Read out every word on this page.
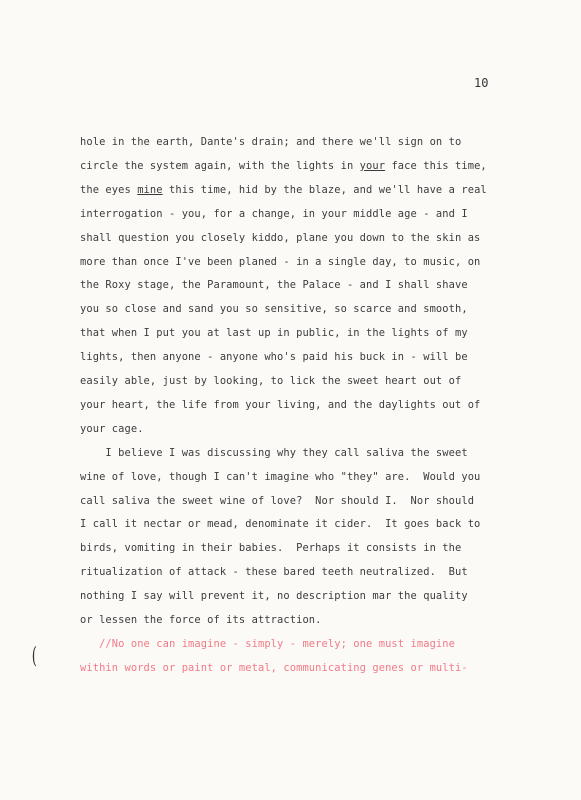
10
hole in the earth, Dante's drain; and there we'll sign on to
circle the system again, with the lights in your face this time,
the eyes mine this time, hid by the blaze, and we'll have a real
interrogation - you, for a change, in your middle age - and I
shall question you closely kiddo, plane you down to the skin as
more than once I've been planed - in a single day, to music, on
the Roxy stage, the Paramount, the Palace - and I shall shave
you so close and sand you so sensitive, so scarce and smooth,
that when I put you at last up in public, in the lights of my
lights, then anyone - anyone who's paid his buck in - will be
easily able, just by looking, to lick the sweet heart out of
your heart, the life from your living, and the daylights out of
your cage.
I believe I was discussing why they call saliva the sweet
wine of love, though I can't imagine who "they" are.  Would you
call saliva the sweet wine of love?  Nor should I.  Nor should
I call it nectar or mead, denominate it cider.  It goes back to
birds, vomiting in their babies.  Perhaps it consists in the
ritualization of attack - these bared teeth neutralized.  But
nothing I say will prevent it, no description mar the quality
or lessen the force of its attraction.
//No one can imagine - simply - merely; one must imagine
within words or paint or metal, communicating genes or multi-
(
